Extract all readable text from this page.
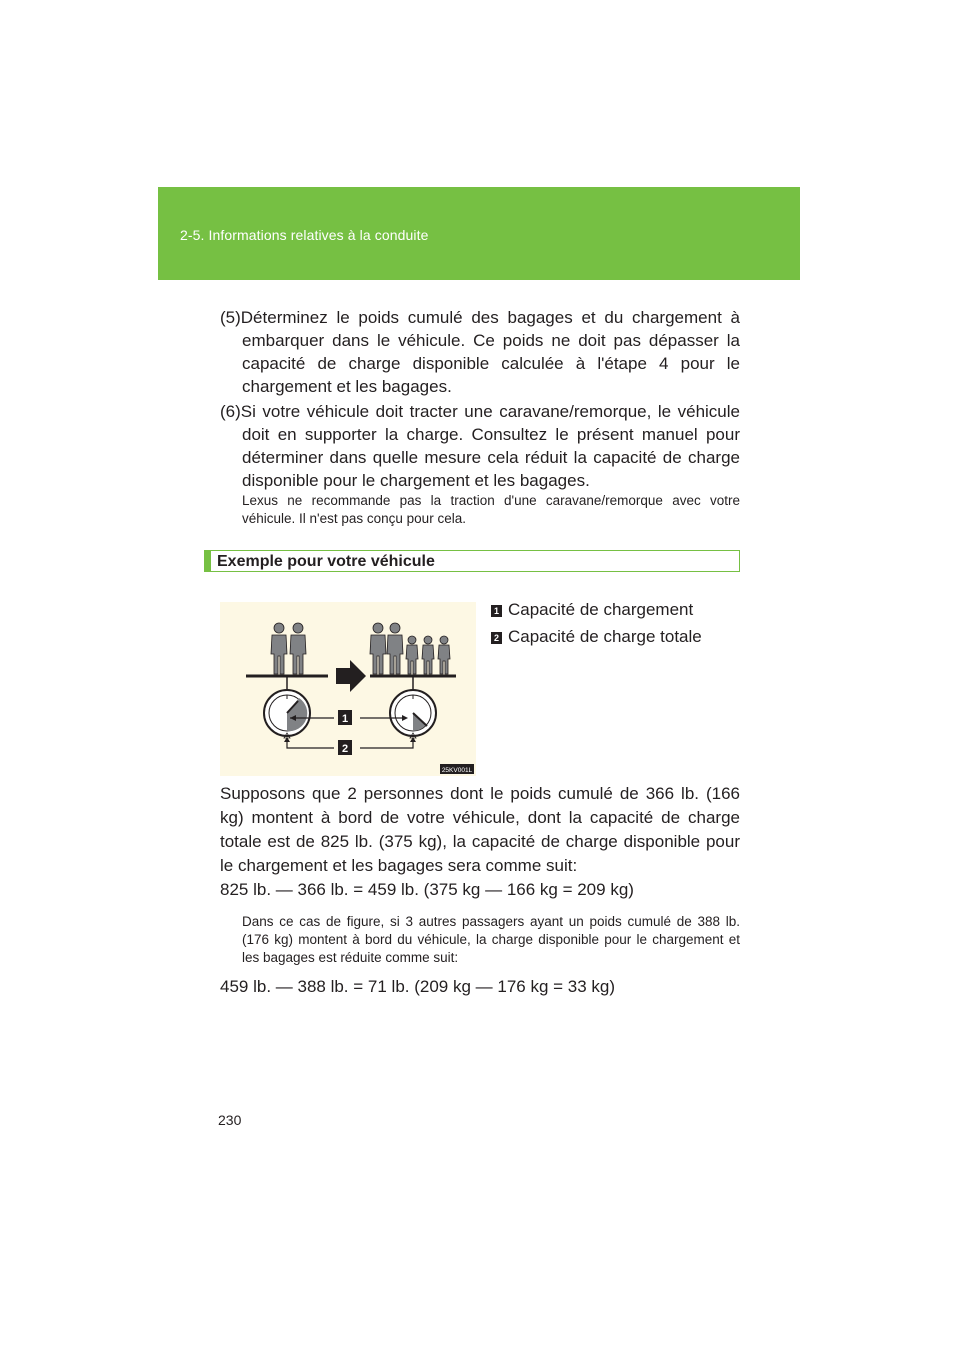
2-5. Informations relatives à la conduite
(5)Déterminez le poids cumulé des bagages et du chargement à embarquer dans le véhicule. Ce poids ne doit pas dépasser la capacité de charge disponible calculée à l'étape 4 pour le chargement et les bagages.
(6)Si votre véhicule doit tracter une caravane/remorque, le véhicule doit en supporter la charge. Consultez le présent manuel pour déterminer dans quelle mesure cela réduit la capacité de charge disponible pour le chargement et les bagages.
Lexus ne recommande pas la traction d'une caravane/remorque avec votre véhicule. Il n'est pas conçu pour cela.
Exemple pour votre véhicule
1
2
25KV001L
1 Capacité de chargement
2 Capacité de charge totale
Supposons que 2 personnes dont le poids cumulé de 366 lb. (166 kg) montent à bord de votre véhicule, dont la capacité de charge totale est de 825 lb. (375 kg), la capacité de charge disponible pour le chargement et les bagages sera comme suit:
825 lb. — 366 lb. = 459 lb. (375 kg — 166 kg = 209 kg)
Dans ce cas de figure, si 3 autres passagers ayant un poids cumulé de 388 lb. (176 kg) montent à bord du véhicule, la charge disponible pour le chargement et les bagages est réduite comme suit:
459 lb. — 388 lb. = 71 lb. (209 kg — 176 kg = 33 kg)
230
